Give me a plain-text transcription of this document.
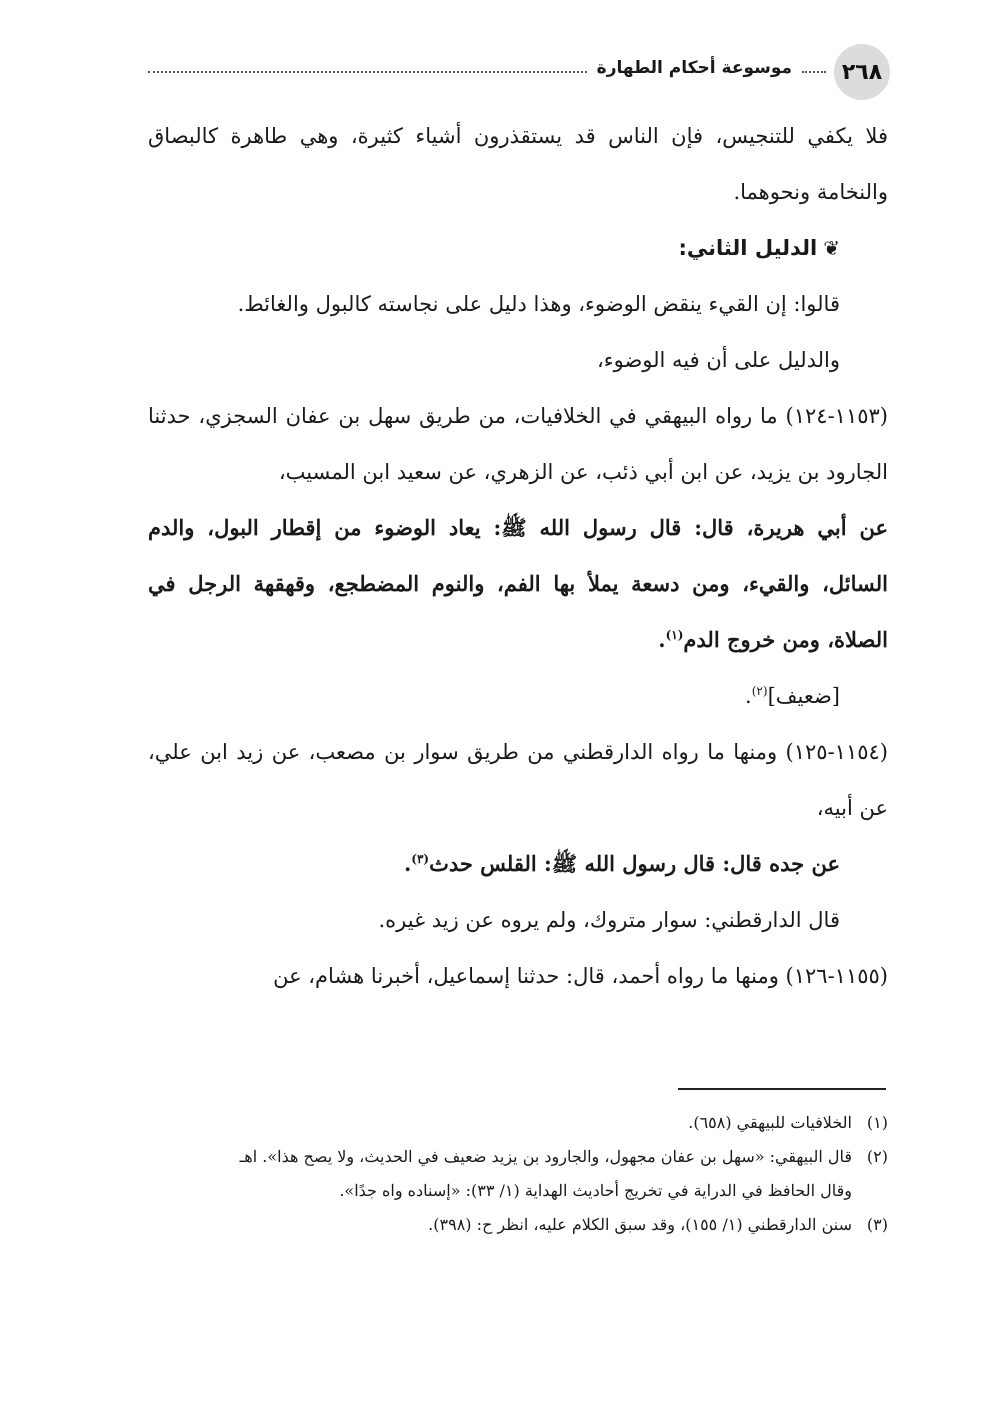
٢٦٨
موسوعة أحكام الطهارة

فلا يكفي للتنجيس، فإن الناس قد يستقذرون أشياء كثيرة، وهي طاهرة كالبصاق والنخامة ونحوهما.

❦الدليل الثاني:

قالوا: إن القيء ينقض الوضوء، وهذا دليل على نجاسته كالبول والغائط.

والدليل على أن فيه الوضوء،

(١١٥٣-١٢٤) ما رواه البيهقي في الخلافيات، من طريق سهل بن عفان السجزي، حدثنا الجارود بن يزيد، عن ابن أبي ذئب، عن الزهري، عن سعيد ابن المسيب،

عن أبي هريرة، قال: قال رسول الله ﷺ: يعاد الوضوء من إقطار البول، والدم السائل، والقيء، ومن دسعة يملأ بها الفم، والنوم المضطجع، وقهقهة الرجل في الصلاة، ومن خروج الدم$^{(١)}$.

[ضعيف]$^{(٢)}$.

(١١٥٤-١٢٥) ومنها ما رواه الدارقطني من طريق سوار بن مصعب، عن زيد ابن علي، عن أبيه،

عن جده قال: قال رسول الله ﷺ: القلس حدث$^{(٣)}$.

قال الدارقطني: سوار متروك، ولم يروه عن زيد غيره.

(١١٥٥-١٢٦) ومنها ما رواه أحمد، قال: حدثنا إسماعيل، أخبرنا هشام، عن

(١)
الخلافيات للبيهقي (٦٥٨).
(٢)
قال البيهقي: «سهل بن عفان مجهول، والجارود بن يزيد ضعيف في الحديث، ولا يصح هذا». اهـ
وقال الحافظ في الدراية في تخريج أحاديث الهداية (١/ ٣٣): «إسناده واه جدًا».
(٣)
سنن الدارقطني (١/ ١٥٥)، وقد سبق الكلام عليه، انظر ح: (٣٩٨).
